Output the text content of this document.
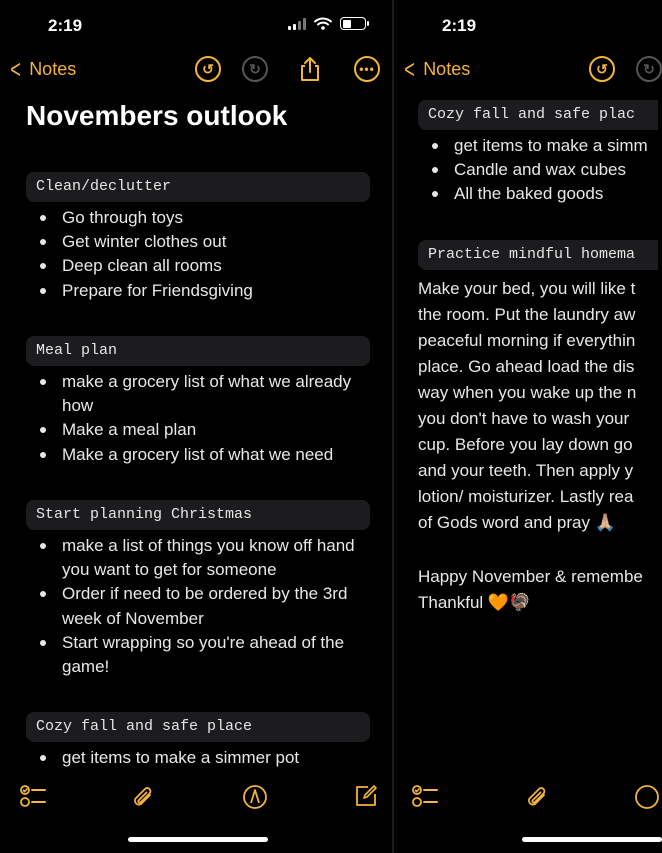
2:19
< Notes	↺	↻	•••
Novembers outlook
Clean/declutter
Go through toys
Get winter clothes out
Deep clean all rooms
Prepare for Friendsgiving
Meal plan
make a grocery list of what we already how
Make a meal plan
Make a grocery list of what we need
Start planning Christmas
make a list of things you know off hand you want to get for someone
Order if need to be ordered by the 3rd week of November
Start wrapping so you're ahead of the game!
Cozy fall and safe place
get items to make a simmer pot
2:19
< Notes	↺	↻
Cozy fall and safe plac
get items to make a simm
Candle and wax cubes
All the baked goods
Practice mindful homema
Make your bed, you will like t
the room. Put the laundry aw
peaceful morning if everythin
place. Go ahead load the dis
way when you wake up the n
you don't have to wash your
cup. Before you lay down go
and your teeth. Then apply y
lotion/ moisturizer. Lastly rea
of Gods word and pray 🙏🏼
Happy November & remembe
Thankful 🧡🦃
